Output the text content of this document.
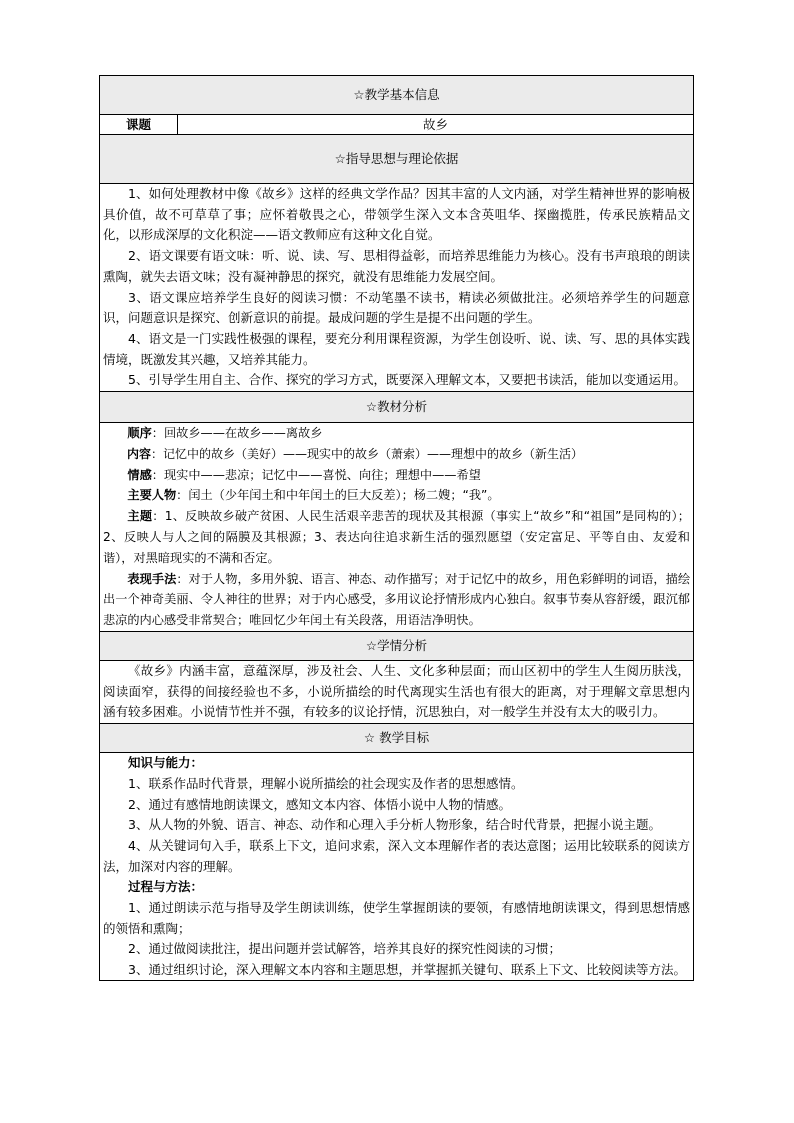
☆教学基本信息
课题	故乡
☆指导思想与理论依据

1、如何处理教材中像《故乡》这样的经典文学作品？因其丰富的人文内涵，对学生精神世界的影响极具价值，故不可草草了事；应怀着敬畏之心，带领学生深入文本含英咀华、探幽揽胜，传承民族精品文化，以形成深厚的文化积淀——语文教师应有这种文化自觉。

2、语文课要有语文味：听、说、读、写、思相得益彰，而培养思维能力为核心。没有书声琅琅的朗读熏陶，就失去语文味；没有凝神静思的探究，就没有思维能力发展空间。

3、语文课应培养学生良好的阅读习惯：不动笔墨不读书，精读必须做批注。必须培养学生的问题意识，问题意识是探究、创新意识的前提。最成问题的学生是提不出问题的学生。

4、语文是一门实践性极强的课程，要充分利用课程资源，为学生创设听、说、读、写、思的具体实践情境，既激发其兴趣，又培养其能力。

5、引导学生用自主、合作、探究的学习方式，既要深入理解文本，又要把书读活，能加以变通运用。

☆教材分析

顺序：回故乡——在故乡——离故乡

内容：记忆中的故乡（美好）——现实中的故乡（萧索）——理想中的故乡（新生活）

情感：现实中——悲凉；记忆中——喜悦、向往；理想中——希望

主要人物：闰土（少年闰土和中年闰土的巨大反差）；杨二嫂；“我”。

主题：1、反映故乡破产贫困、人民生活艰辛悲苦的现状及其根源（事实上“故乡”和“祖国”是同构的）；2、反映人与人之间的隔膜及其根源；3、表达向往追求新生活的强烈愿望（安定富足、平等自由、友爱和谐），对黑暗现实的不满和否定。

表现手法：对于人物，多用外貌、语言、神态、动作描写；对于记忆中的故乡，用色彩鲜明的词语，描绘出一个神奇美丽、令人神往的世界；对于内心感受，多用议论抒情形成内心独白。叙事节奏从容舒缓，跟沉郁悲凉的内心感受非常契合；唯回忆少年闰土有关段落，用语洁净明快。

☆学情分析

《故乡》内涵丰富，意蕴深厚，涉及社会、人生、文化多种层面；而山区初中的学生人生阅历肤浅，阅读面窄，获得的间接经验也不多，小说所描绘的时代离现实生活也有很大的距离，对于理解文章思想内涵有较多困难。小说情节性并不强，有较多的议论抒情，沉思独白，对一般学生并没有太大的吸引力。

☆ 教学目标

知识与能力：

1、联系作品时代背景，理解小说所描绘的社会现实及作者的思想感情。

2、通过有感情地朗读课文，感知文本内容、体悟小说中人物的情感。

3、从人物的外貌、语言、神态、动作和心理入手分析人物形象，结合时代背景，把握小说主题。

4、从关键词句入手，联系上下文，追问求索，深入文本理解作者的表达意图；运用比较联系的阅读方法，加深对内容的理解。

过程与方法：

1、通过朗读示范与指导及学生朗读训练，使学生掌握朗读的要领，有感情地朗读课文，得到思想情感的领悟和熏陶；

2、通过做阅读批注，提出问题并尝试解答，培养其良好的探究性阅读的习惯；

3、通过组织讨论，深入理解文本内容和主题思想，并掌握抓关键句、联系上下文、比较阅读等方法。
